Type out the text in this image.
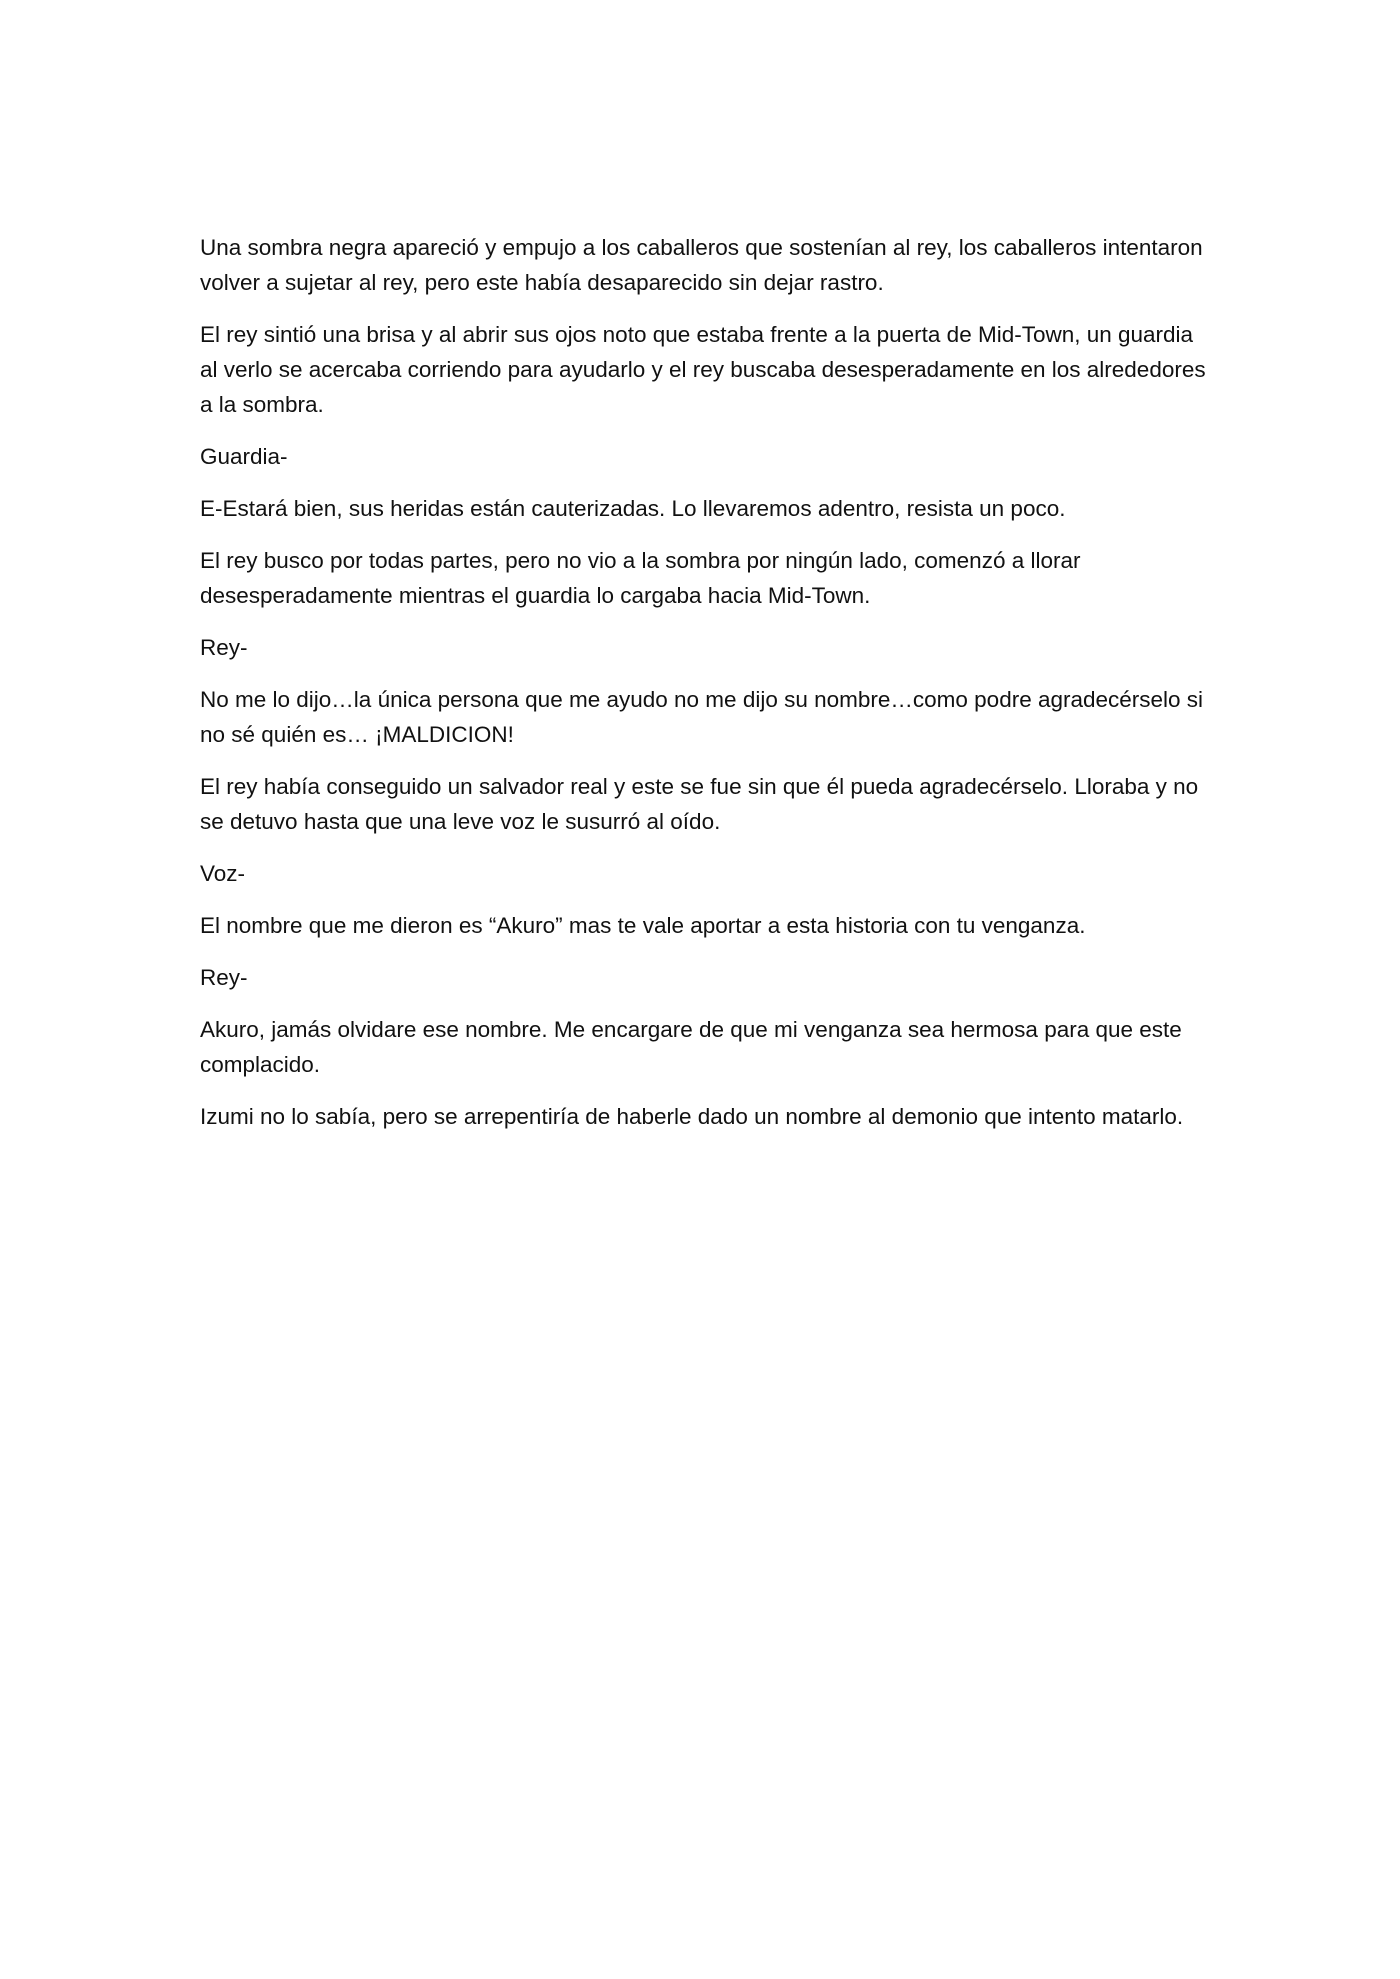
Una sombra negra apareció y empujo a los caballeros que sostenían al rey, los caballeros intentaron volver a sujetar al rey, pero este había desaparecido sin dejar rastro.

El rey sintió una brisa y al abrir sus ojos noto que estaba frente a la puerta de Mid-Town, un guardia al verlo se acercaba corriendo para ayudarlo y el rey buscaba desesperadamente en los alrededores a la sombra.

Guardia-

E-Estará bien, sus heridas están cauterizadas. Lo llevaremos adentro, resista un poco.

El rey busco por todas partes, pero no vio a la sombra por ningún lado, comenzó a llorar desesperadamente mientras el guardia lo cargaba hacia Mid-Town.

Rey-

No me lo dijo…la única persona que me ayudo no me dijo su nombre…como podre agradecérselo si no sé quién es… ¡MALDICION!

El rey había conseguido un salvador real y este se fue sin que él pueda agradecérselo. Lloraba y no se detuvo hasta que una leve voz le susurró al oído.

Voz-

El nombre que me dieron es “Akuro” mas te vale aportar a esta historia con tu venganza.

Rey-

Akuro, jamás olvidare ese nombre. Me encargare de que mi venganza sea hermosa para que este complacido.

Izumi no lo sabía, pero se arrepentiría de haberle dado un nombre al demonio que intento matarlo.
